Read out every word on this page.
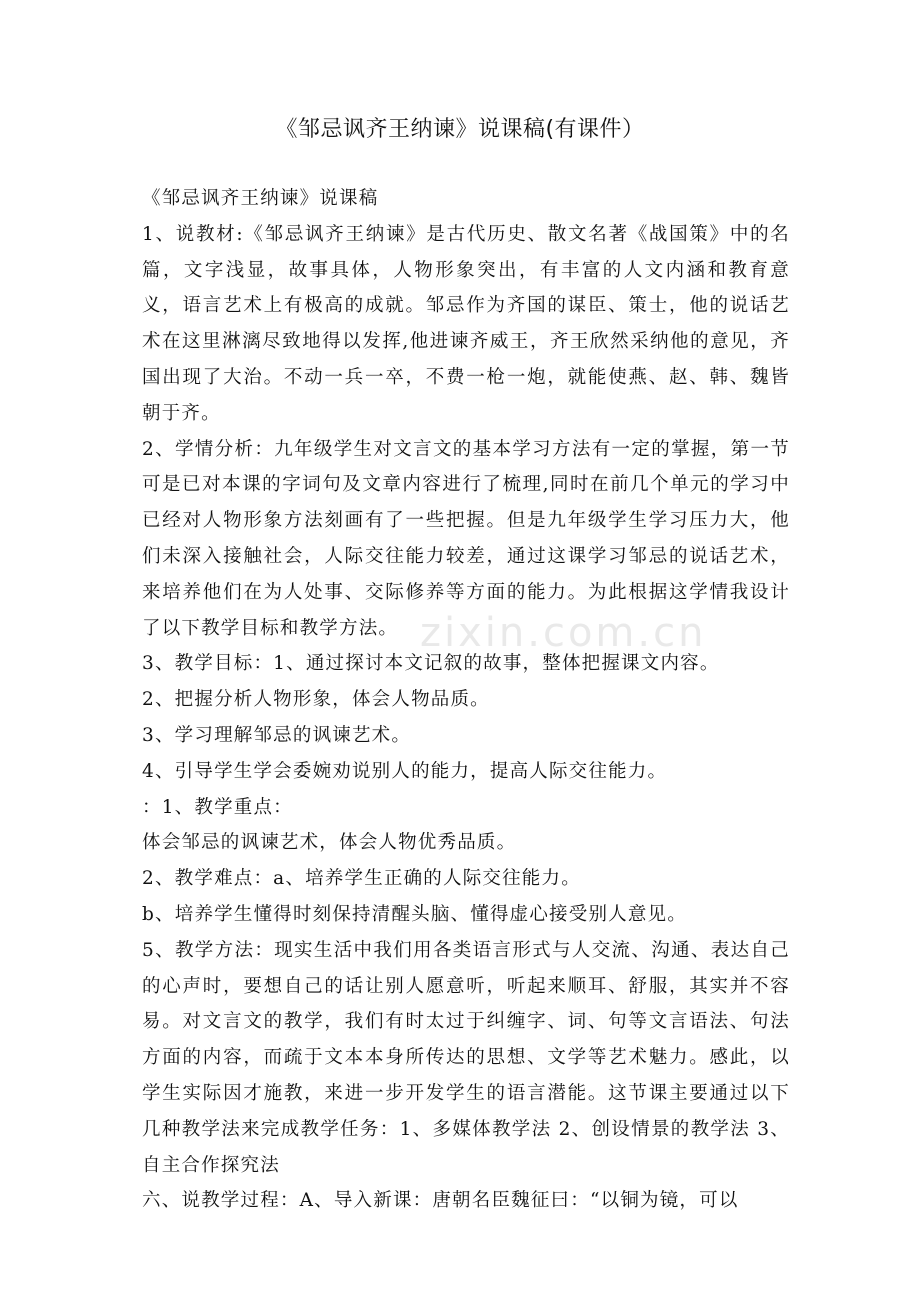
zixin.com.cn
《邹忌讽齐王纳谏》说课稿(有课件）

《邹忌讽齐王纳谏》说课稿

1、说教材:《邹忌讽齐王纳谏》是古代历史、散文名著《战国策》中的名篇，文字浅显，故事具体，人物形象突出，有丰富的人文内涵和教育意义，语言艺术上有极高的成就。邹忌作为齐国的谋臣、策士，他的说话艺术在这里淋漓尽致地得以发挥,他进谏齐威王，齐王欣然采纳他的意见，齐国出现了大治。不动一兵一卒，不费一枪一炮，就能使燕、赵、韩、魏皆朝于齐。

2、学情分析：九年级学生对文言文的基本学习方法有一定的掌握，第一节可是已对本课的字词句及文章内容进行了梳理,同时在前几个单元的学习中已经对人物形象方法刻画有了一些把握。但是九年级学生学习压力大，他们未深入接触社会，人际交往能力较差，通过这课学习邹忌的说话艺术，来培养他们在为人处事、交际修养等方面的能力。为此根据这学情我设计了以下教学目标和教学方法。

3、教学目标：1、通过探讨本文记叙的故事，整体把握课文内容。

2、把握分析人物形象，体会人物品质。

3、学习理解邹忌的讽谏艺术。

4、引导学生学会委婉劝说别人的能力，提高人际交往能力。

：1、教学重点：

体会邹忌的讽谏艺术，体会人物优秀品质。

2、教学难点：a、培养学生正确的人际交往能力。

b、培养学生懂得时刻保持清醒头脑、懂得虚心接受别人意见。

5、教学方法：现实生活中我们用各类语言形式与人交流、沟通、表达自己的心声时，要想自己的话让别人愿意听，听起来顺耳、舒服，其实并不容易。对文言文的教学，我们有时太过于纠缠字、词、句等文言语法、句法方面的内容，而疏于文本本身所传达的思想、文学等艺术魅力。感此，以学生实际因才施教，来进一步开发学生的语言潜能。这节课主要通过以下几种教学法来完成教学任务：1、多媒体教学法 2、创设情景的教学法 3、自主合作探究法

六、说教学过程：A、导入新课：唐朝名臣魏征曰：“以铜为镜，可以
